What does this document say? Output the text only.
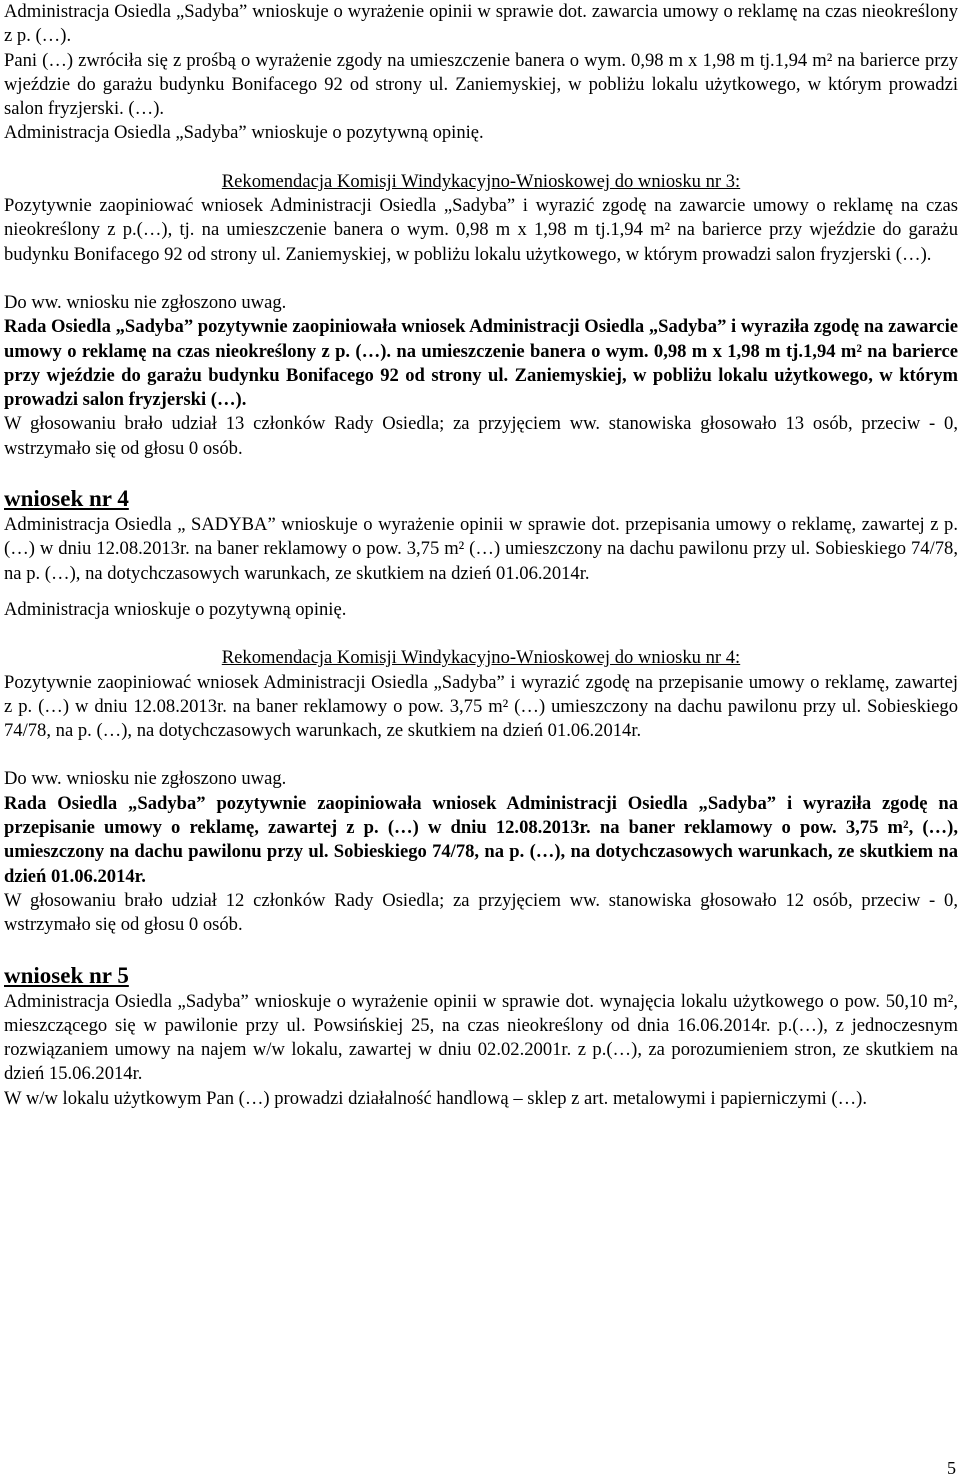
Administracja Osiedla „Sadyba” wnioskuje o wyrażenie opinii w sprawie dot. zawarcia umowy o reklamę na czas nieokreślony z p. (…).

Pani (…) zwróciła się z prośbą o wyrażenie zgody na umieszczenie banera o wym. 0,98 m x 1,98 m tj.1,94 m² na barierce przy wjeździe do garażu budynku Bonifacego 92 od strony ul. Zaniemyskiej, w pobliżu lokalu użytkowego, w którym prowadzi salon fryzjerski. (…).

Administracja Osiedla „Sadyba” wnioskuje o pozytywną opinię.

Rekomendacja Komisji Windykacyjno-Wnioskowej do wniosku nr 3:

Pozytywnie zaopiniować wniosek Administracji Osiedla „Sadyba” i wyrazić zgodę na zawarcie umowy o reklamę na czas nieokreślony z p.(…), tj. na umieszczenie banera o wym. 0,98 m x 1,98 m tj.1,94 m² na barierce przy wjeździe do garażu budynku Bonifacego 92 od strony ul. Zaniemyskiej, w pobliżu lokalu użytkowego, w którym prowadzi salon fryzjerski (…).

Do ww. wniosku nie zgłoszono uwag.

Rada Osiedla „Sadyba” pozytywnie zaopiniowała wniosek Administracji Osiedla „Sadyba” i wyraziła zgodę na zawarcie umowy o reklamę na czas nieokreślony z p. (…). na umieszczenie banera o wym. 0,98 m x 1,98 m tj.1,94 m² na barierce przy wjeździe do garażu budynku Bonifacego 92 od strony ul. Zaniemyskiej, w pobliżu lokalu użytkowego, w którym prowadzi salon fryzjerski (…).

W głosowaniu brało udział 13 członków Rady Osiedla; za przyjęciem ww. stanowiska głosowało 13 osób, przeciw - 0, wstrzymało się od głosu 0 osób.

wniosek nr 4

Administracja Osiedla „ SADYBA” wnioskuje o wyrażenie opinii w sprawie dot. przepisania umowy o reklamę, zawartej z p.(…) w dniu 12.08.2013r. na baner reklamowy o pow. 3,75 m² (…) umieszczony na dachu pawilonu przy ul. Sobieskiego 74/78, na p. (…), na dotychczasowych warunkach, ze skutkiem na dzień 01.06.2014r.

Administracja wnioskuje o pozytywną opinię.

Rekomendacja Komisji Windykacyjno-Wnioskowej do wniosku nr 4:

Pozytywnie zaopiniować wniosek Administracji Osiedla „Sadyba” i wyrazić zgodę na przepisanie umowy o reklamę, zawartej z p. (…) w dniu 12.08.2013r. na baner reklamowy o pow. 3,75 m² (…) umieszczony na dachu pawilonu przy ul. Sobieskiego 74/78, na p. (…), na dotychczasowych warunkach, ze skutkiem na dzień 01.06.2014r.

Do ww. wniosku nie zgłoszono uwag.

Rada Osiedla „Sadyba” pozytywnie zaopiniowała wniosek Administracji Osiedla „Sadyba” i wyraziła zgodę na przepisanie umowy o reklamę, zawartej z p. (…) w dniu 12.08.2013r. na baner reklamowy o pow. 3,75 m², (…), umieszczony na dachu pawilonu przy ul. Sobieskiego 74/78, na p. (…), na dotychczasowych warunkach, ze skutkiem na dzień 01.06.2014r.

W głosowaniu brało udział 12 członków Rady Osiedla; za przyjęciem ww. stanowiska głosowało 12 osób, przeciw - 0, wstrzymało się od głosu 0 osób.

wniosek nr 5

Administracja Osiedla „Sadyba” wnioskuje o wyrażenie opinii w sprawie dot. wynajęcia lokalu użytkowego o pow. 50,10 m², mieszczącego się w pawilonie przy ul. Powsińskiej 25, na czas nieokreślony od dnia 16.06.2014r. p.(…), z jednoczesnym rozwiązaniem umowy na najem w/w lokalu, zawartej w dniu 02.02.2001r. z p.(…), za porozumieniem stron, ze skutkiem na dzień 15.06.2014r.

W w/w lokalu użytkowym Pan (…) prowadzi działalność handlową – sklep z art. metalowymi i papierniczymi (…).

5
